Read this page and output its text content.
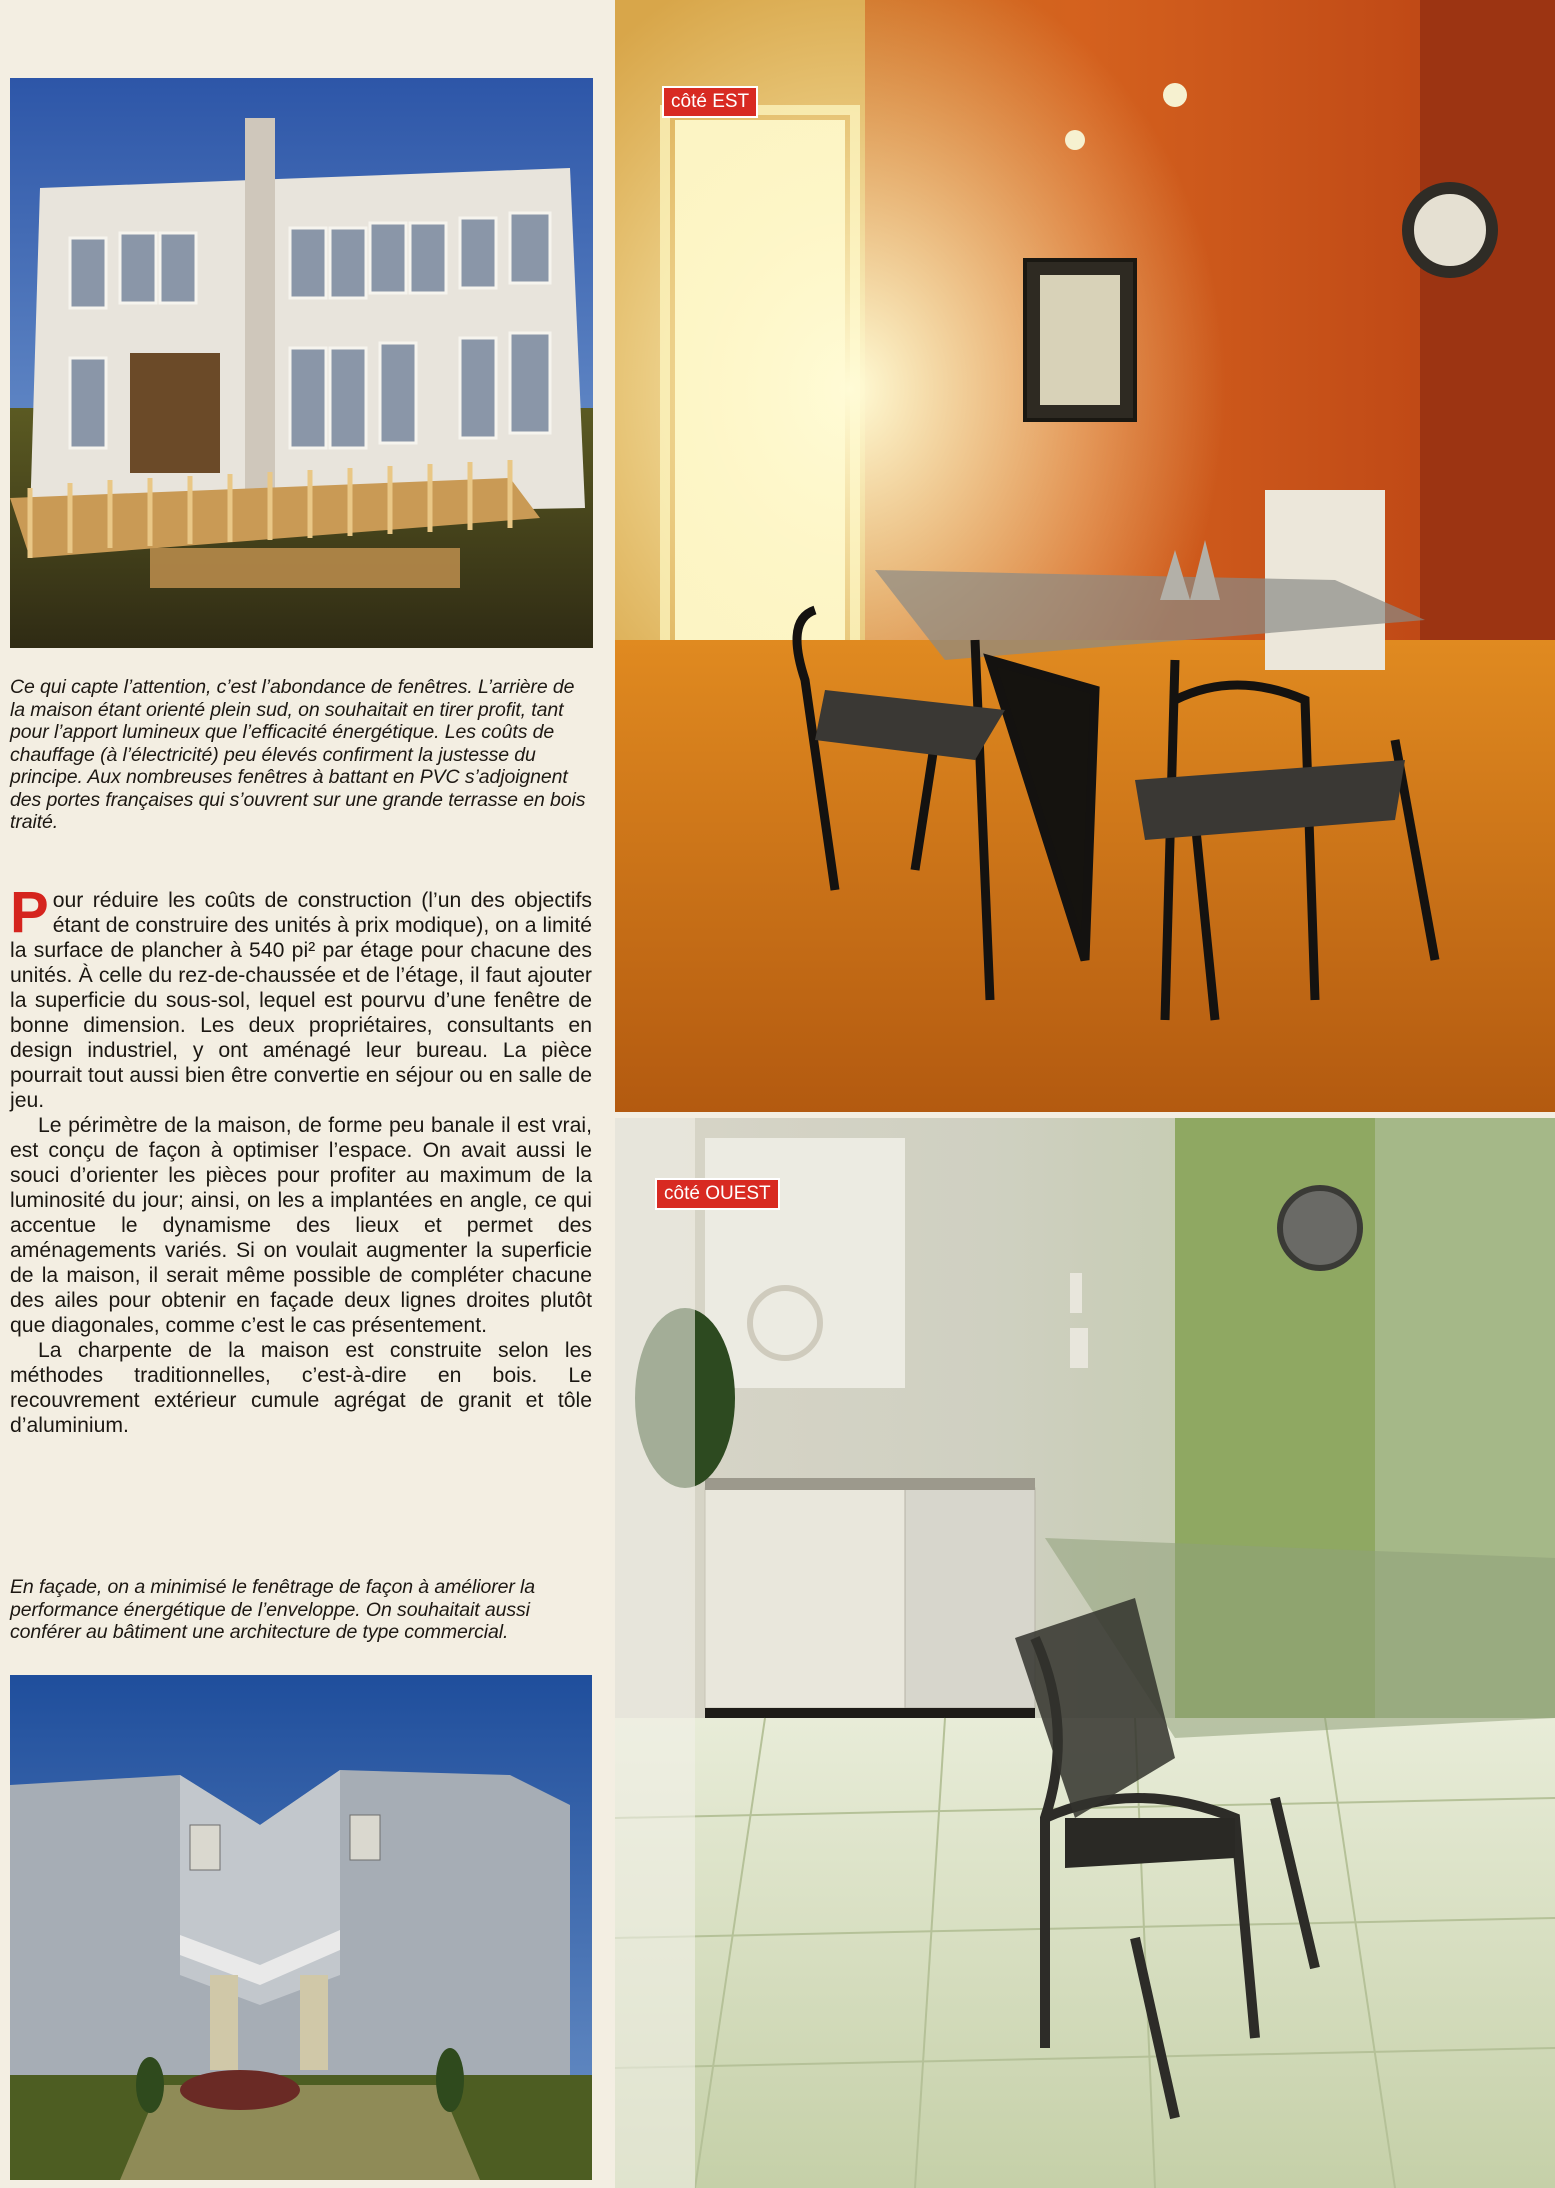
Ce qui capte l’attention, c’est l’abondance de fenêtres. L’arrière de la maison étant orienté plein sud, on souhaitait en tirer profit, tant pour l’apport lumineux que l’efficacité énergétique. Les coûts de chauffage (à l’électricité) peu élevés confirment la justesse du principe. Aux nombreuses fenêtres à battant en PVC s’adjoignent des portes françaises qui s’ouvrent sur une grande terrasse en bois traité.

Pour réduire les coûts de construction (l’un des objectifs étant de construire des unités à prix modique), on a limité la surface de plancher à 540 pi² par étage pour chacune des unités. À celle du rez-de-chaussée et de l’étage, il faut ajouter la superficie du sous-sol, lequel est pourvu d’une fenêtre de bonne dimension. Les deux propriétaires, consultants en design industriel, y ont aménagé leur bureau. La pièce pourrait tout aussi bien être convertie en séjour ou en salle de jeu.

Le périmètre de la maison, de forme peu banale il est vrai, est conçu de façon à optimiser l’espace. On avait aussi le souci d’orienter les pièces pour profiter au maximum de la luminosité du jour; ainsi, on les a implantées en angle, ce qui accentue le dynamisme des lieux et permet des aménagements variés. Si on voulait augmenter la superficie de la maison, il serait même possible de compléter chacune des ailes pour obtenir en façade deux lignes droites plutôt que diagonales, comme c’est le cas présentement.

La charpente de la maison est construite selon les méthodes traditionnelles, c’est-à-dire en bois. Le recouvrement extérieur cumule agrégat de granit et tôle d’aluminium.

En façade, on a minimisé le fenêtrage de façon à améliorer la performance énergétique de l’enveloppe. On souhaitait aussi conférer au bâtiment une architecture de type commercial.
côté EST
côté OUEST
